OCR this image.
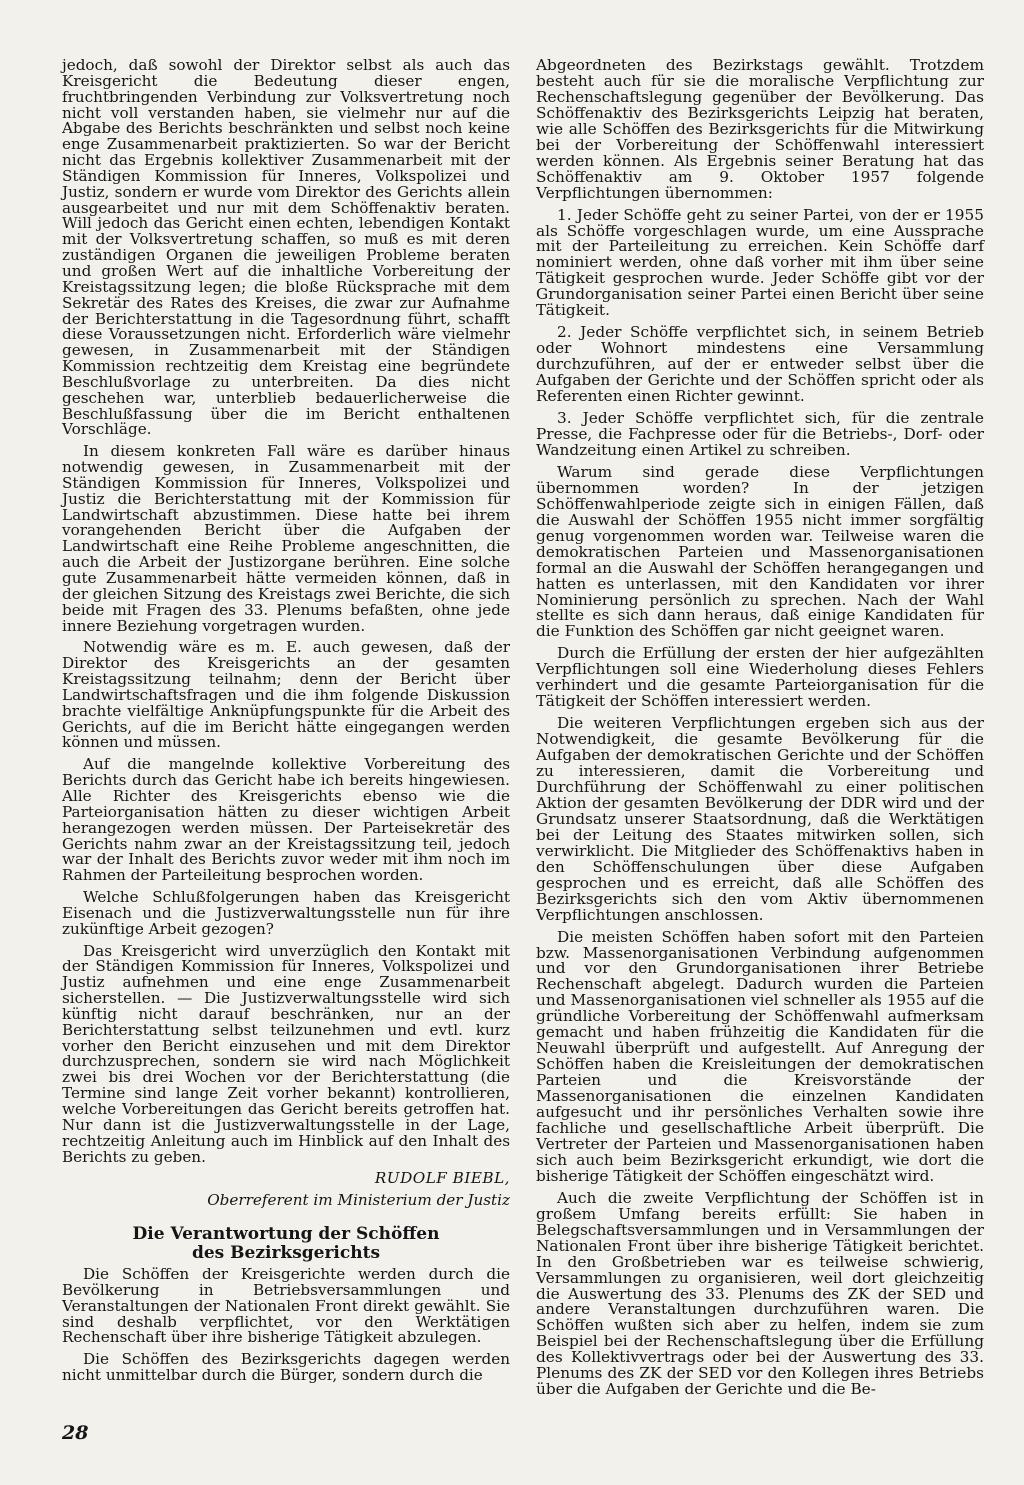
jedoch, daß sowohl der Direktor selbst als auch das Kreisgericht die Bedeutung dieser engen, fruchtbringenden Verbindung zur Volksvertretung noch nicht voll verstanden haben, sie vielmehr nur auf die Abgabe des Berichts beschränkten und selbst noch keine enge Zusammenarbeit praktizierten. So war der Bericht nicht das Ergebnis kollektiver Zusammenarbeit mit der Ständigen Kommission für Inneres, Volkspolizei und Justiz, sondern er wurde vom Direktor des Gerichts allein ausgearbeitet und nur mit dem Schöffenaktiv beraten. Will jedoch das Gericht einen echten, lebendigen Kontakt mit der Volksvertretung schaffen, so muß es mit deren zuständigen Organen die jeweiligen Probleme beraten und großen Wert auf die inhaltliche Vorbereitung der Kreistagssitzung legen; die bloße Rücksprache mit dem Sekretär des Rates des Kreises, die zwar zur Aufnahme der Berichterstattung in die Tagesordnung führt, schafft diese Voraussetzungen nicht. Erforderlich wäre vielmehr gewesen, in Zusammenarbeit mit der Ständigen Kommission rechtzeitig dem Kreistag eine begründete Beschlußvorlage zu unterbreiten. Da dies nicht geschehen war, unterblieb bedauerlicherweise die Beschlußfassung über die im Bericht enthaltenen Vorschläge.

In diesem konkreten Fall wäre es darüber hinaus notwendig gewesen, in Zusammenarbeit mit der Ständigen Kommission für Inneres, Volkspolizei und Justiz die Berichterstattung mit der Kommission für Landwirtschaft abzustimmen. Diese hatte bei ihrem vorangehenden Bericht über die Aufgaben der Landwirtschaft eine Reihe Probleme angeschnitten, die auch die Arbeit der Justizorgane berühren. Eine solche gute Zusammenarbeit hätte vermeiden können, daß in der gleichen Sitzung des Kreistags zwei Berichte, die sich beide mit Fragen des 33. Plenums befaßten, ohne jede innere Beziehung vorgetragen wurden.

Notwendig wäre es m. E. auch gewesen, daß der Direktor des Kreisgerichts an der gesamten Kreistagssitzung teilnahm; denn der Bericht über Landwirtschaftsfragen und die ihm folgende Diskussion brachte vielfältige Anknüpfungspunkte für die Arbeit des Gerichts, auf die im Bericht hätte eingegangen werden können und müssen.

Auf die mangelnde kollektive Vorbereitung des Berichts durch das Gericht habe ich bereits hingewiesen. Alle Richter des Kreisgerichts ebenso wie die Parteiorganisation hätten zu dieser wichtigen Arbeit herangezogen werden müssen. Der Parteisekretär des Gerichts nahm zwar an der Kreistagssitzung teil, jedoch war der Inhalt des Berichts zuvor weder mit ihm noch im Rahmen der Parteileitung besprochen worden.

Welche Schlußfolgerungen haben das Kreisgericht Eisenach und die Justizverwaltungsstelle nun für ihre zukünftige Arbeit gezogen?

Das Kreisgericht wird unverzüglich den Kontakt mit der Ständigen Kommission für Inneres, Volkspolizei und Justiz aufnehmen und eine enge Zusammenarbeit sicherstellen. — Die Justizverwaltungsstelle wird sich künftig nicht darauf beschränken, nur an der Berichterstattung selbst teilzunehmen und evtl. kurz vorher den Bericht einzusehen und mit dem Direktor durchzusprechen, sondern sie wird nach Möglichkeit zwei bis drei Wochen vor der Berichterstattung (die Termine sind lange Zeit vorher bekannt) kontrollieren, welche Vorbereitungen das Gericht bereits getroffen hat. Nur dann ist die Justizverwaltungsstelle in der Lage, rechtzeitig Anleitung auch im Hinblick auf den Inhalt des Berichts zu geben.

RUDOLF BIEBL,

Oberreferent im Ministerium der Justiz

Die Verantwortung der Schöffen
des Bezirksgerichts

Die Schöffen der Kreisgerichte werden durch die Bevölkerung in Betriebsversammlungen und Veranstaltungen der Nationalen Front direkt gewählt. Sie sind deshalb verpflichtet, vor den Werktätigen Rechenschaft über ihre bisherige Tätigkeit abzulegen.

Die Schöffen des Bezirksgerichts dagegen werden nicht unmittelbar durch die Bürger, sondern durch die

Abgeordneten des Bezirkstags gewählt. Trotzdem besteht auch für sie die moralische Verpflichtung zur Rechenschaftslegung gegenüber der Bevölkerung. Das Schöffenaktiv des Bezirksgerichts Leipzig hat beraten, wie alle Schöffen des Bezirksgerichts für die Mitwirkung bei der Vorbereitung der Schöffenwahl interessiert werden können. Als Ergebnis seiner Beratung hat das Schöffenaktiv am 9. Oktober 1957 folgende Verpflichtungen übernommen:

1. Jeder Schöffe geht zu seiner Partei, von der er 1955 als Schöffe vorgeschlagen wurde, um eine Aussprache mit der Parteileitung zu erreichen. Kein Schöffe darf nominiert werden, ohne daß vorher mit ihm über seine Tätigkeit gesprochen wurde. Jeder Schöffe gibt vor der Grundorganisation seiner Partei einen Bericht über seine Tätigkeit.

2. Jeder Schöffe verpflichtet sich, in seinem Betrieb oder Wohnort mindestens eine Versammlung durchzuführen, auf der er entweder selbst über die Aufgaben der Gerichte und der Schöffen spricht oder als Referenten einen Richter gewinnt.

3. Jeder Schöffe verpflichtet sich, für die zentrale Presse, die Fachpresse oder für die Betriebs-, Dorf- oder Wandzeitung einen Artikel zu schreiben.

Warum sind gerade diese Verpflichtungen übernommen worden? In der jetzigen Schöffenwahlperiode zeigte sich in einigen Fällen, daß die Auswahl der Schöffen 1955 nicht immer sorgfältig genug vorgenommen worden war. Teilweise waren die demokratischen Parteien und Massenorganisationen formal an die Auswahl der Schöffen herangegangen und hatten es unterlassen, mit den Kandidaten vor ihrer Nominierung persönlich zu sprechen. Nach der Wahl stellte es sich dann heraus, daß einige Kandidaten für die Funktion des Schöffen gar nicht geeignet waren.

Durch die Erfüllung der ersten der hier aufgezählten Verpflichtungen soll eine Wiederholung dieses Fehlers verhindert und die gesamte Parteiorganisation für die Tätigkeit der Schöffen interessiert werden.

Die weiteren Verpflichtungen ergeben sich aus der Notwendigkeit, die gesamte Bevölkerung für die Aufgaben der demokratischen Gerichte und der Schöffen zu interessieren, damit die Vorbereitung und Durchführung der Schöffenwahl zu einer politischen Aktion der gesamten Bevölkerung der DDR wird und der Grundsatz unserer Staatsordnung, daß die Werktätigen bei der Leitung des Staates mitwirken sollen, sich verwirklicht. Die Mitglieder des Schöffenaktivs haben in den Schöffenschulungen über diese Aufgaben gesprochen und es erreicht, daß alle Schöffen des Bezirksgerichts sich den vom Aktiv übernommenen Verpflichtungen anschlossen.

Die meisten Schöffen haben sofort mit den Parteien bzw. Massenorganisationen Verbindung aufgenommen und vor den Grundorganisationen ihrer Betriebe Rechenschaft abgelegt. Dadurch wurden die Parteien und Massenorganisationen viel schneller als 1955 auf die gründliche Vorbereitung der Schöffenwahl aufmerksam gemacht und haben frühzeitig die Kandidaten für die Neuwahl überprüft und aufgestellt. Auf Anregung der Schöffen haben die Kreisleitungen der demokratischen Parteien und die Kreisvorstände der Massenorganisationen die einzelnen Kandidaten aufgesucht und ihr persönliches Verhalten sowie ihre fachliche und gesellschaftliche Arbeit überprüft. Die Vertreter der Parteien und Massenorganisationen haben sich auch beim Bezirksgericht erkundigt, wie dort die bisherige Tätigkeit der Schöffen eingeschätzt wird.

Auch die zweite Verpflichtung der Schöffen ist in großem Umfang bereits erfüllt: Sie haben in Belegschaftsversammlungen und in Versammlungen der Nationalen Front über ihre bisherige Tätigkeit berichtet. In den Großbetrieben war es teilweise schwierig, Versammlungen zu organisieren, weil dort gleichzeitig die Auswertung des 33. Plenums des ZK der SED und andere Veranstaltungen durchzuführen waren. Die Schöffen wußten sich aber zu helfen, indem sie zum Beispiel bei der Rechenschaftslegung über die Erfüllung des Kollektivvertrags oder bei der Auswertung des 33. Plenums des ZK der SED vor den Kollegen ihres Betriebs über die Aufgaben der Gerichte und die Be-

28
